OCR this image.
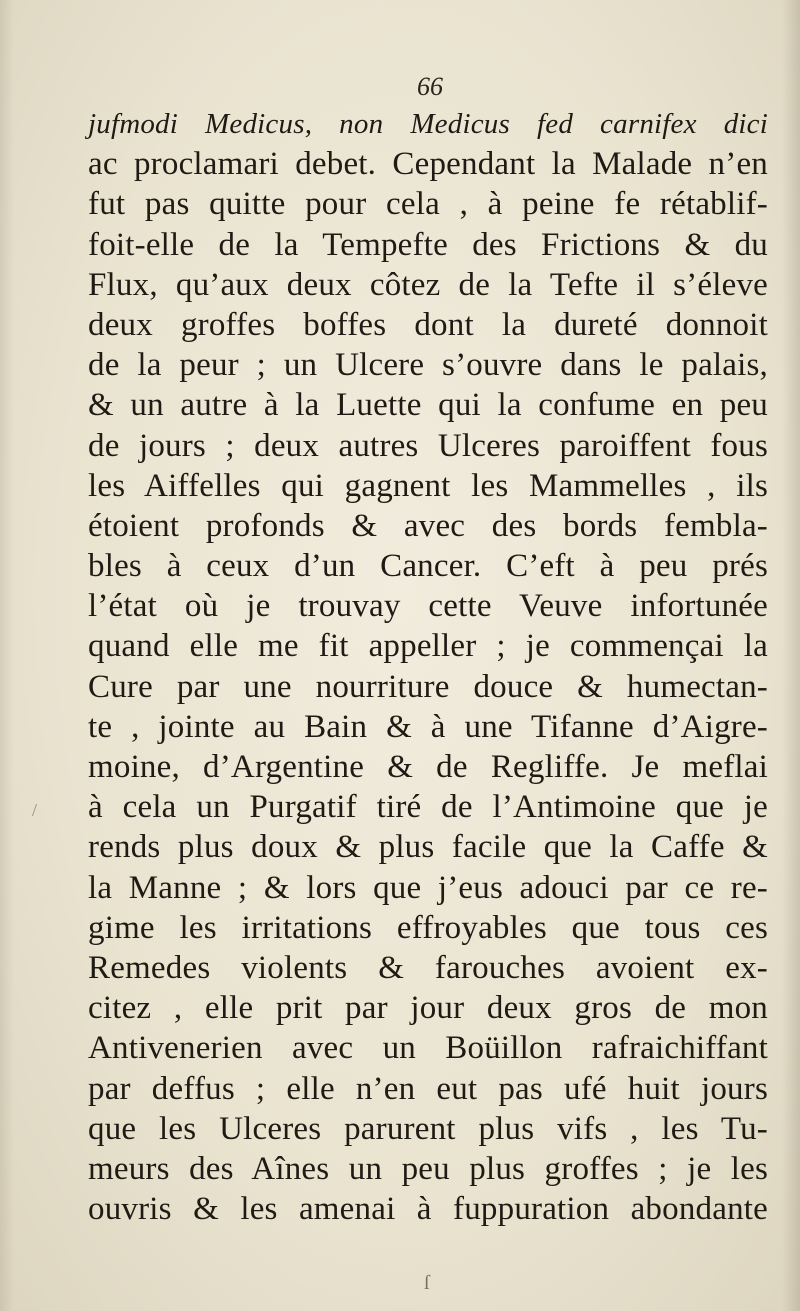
66
jufmodi Medicus, non Medicus fed carnifex dici
ac proclamari debet. Cependant la Malade n’en
fut pas quitte pour cela , à peine fe rétablif-
foit-elle de la Tempefte des Frictions & du
Flux, qu’aux deux côtez de la Tefte il s’éleve
deux groffes boffes dont la dureté donnoit
de la peur ; un Ulcere s’ouvre dans le palais,
& un autre à la Luette qui la confume en peu
de jours ; deux autres Ulceres paroiffent fous
les Aiffelles qui gagnent les Mammelles , ils
étoient profonds & avec des bords fembla-
bles à ceux d’un Cancer. C’eft à peu prés
l’état où je trouvay cette Veuve infortunée
quand elle me fit appeller ; je commençai la
Cure par une nourriture douce & humectan-
te , jointe au Bain & à une Tifanne d’Aigre-
moine, d’Argentine & de Regliffe. Je meflai
à cela un Purgatif tiré de l’Antimoine que je
rends plus doux & plus facile que la Caffe &
la Manne ; & lors que j’eus adouci par ce re-
gime les irritations effroyables que tous ces
Remedes violents & farouches avoient ex-
citez , elle prit par jour deux gros de mon
Antivenerien avec un Boüillon rafraichiffant
par deffus ; elle n’en eut pas ufé huit jours
que les Ulceres parurent plus vifs , les Tu-
meurs des Aînes un peu plus groffes ; je les
ouvris & les amenai à fuppuration abondante
/
ſ
